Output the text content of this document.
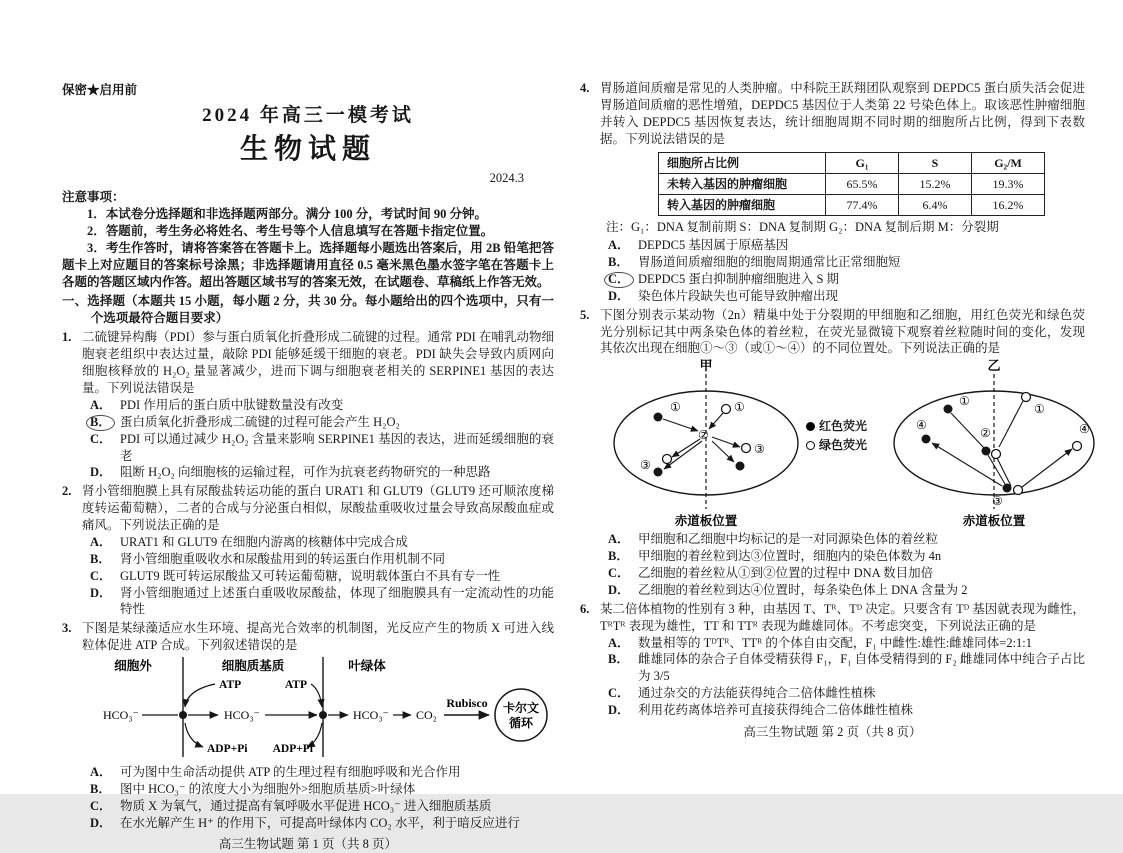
保密★启用前
2024 年高三一模考试
生物试题
2024.3
注意事项：
1．本试卷分选择题和非选择题两部分。满分 100 分，考试时间 90 分钟。
2．答题前，考生务必将姓名、考生号等个人信息填写在答题卡指定位置。
3．考生作答时，请将答案答在答题卡上。选择题每小题选出答案后，用 2B 铅笔把答题卡上对应题目的答案标号涂黑；非选择题请用直径 0.5 毫米黑色墨水签字笔在答题卡上各题的答题区域内作答。超出答题区域书写的答案无效，在试题卷、草稿纸上作答无效。
一、选择题（本题共 15 小题，每小题 2 分，共 30 分。每小题给出的四个选项中，只有一个选项最符合题目要求）
1. 二硫键异构酶（PDI）参与蛋白质氧化折叠形成二硫键的过程。通常 PDI 在哺乳动物细胞衰老组织中表达过量，敲除 PDI 能够延缓干细胞的衰老。PDI 缺失会导致内质网向细胞核释放的 H₂O₂ 量显著减少，进而下调与细胞衰老相关的 SERPINE1 基因的表达量。下列说法错误是
A． PDI 作用后的蛋白质中肽键数量没有改变
B． 蛋白质氧化折叠形成二硫键的过程可能会产生 H₂O₂
C． PDI 可以通过减少 H₂O₂ 含量来影响 SERPINE1 基因的表达，进而延缓细胞的衰老
D． 阻断 H₂O₂ 向细胞核的运输过程，可作为抗衰老药物研究的一种思路
2. 肾小管细胞膜上具有尿酸盐转运功能的蛋白 URAT1 和 GLUT9（GLUT9 还可顺浓度梯度转运葡萄糖），二者的合成与分泌蛋白相似，尿酸盐重吸收过量会导致高尿酸血症或痛风。下列说法正确的是
A． URAT1 和 GLUT9 在细胞内游离的核糖体中完成合成
B． 肾小管细胞重吸收水和尿酸盐用到的转运蛋白作用机制不同
C． GLUT9 既可转运尿酸盐又可转运葡萄糖，说明载体蛋白不具有专一性
D． 肾小管细胞通过上述蛋白重吸收尿酸盐，体现了细胞膜具有一定流动性的功能特性
3. 下图是某绿藻适应水生环境、提高光合效率的机制图，光反应产生的物质 X 可进入线粒体促进 ATP 合成。下列叙述错误的是
细胞外	细胞质基质	叶绿体
HCO₃⁻	HCO₃⁻	HCO₃⁻ CO₂
Rubisco 卡尔文
循环
ATP
ADP+Pi
ATP
ADP+Pi
A． 可为图中生命活动提供 ATP 的生理过程有细胞呼吸和光合作用
B． 图中 HCO₃⁻ 的浓度大小为细胞外>细胞质基质>叶绿体
C． 物质 X 为氧气，通过提高有氧呼吸水平促进 HCO₃⁻ 进入细胞质基质
D． 在水光解产生 H⁺ 的作用下，可提高叶绿体内 CO₂ 水平，利于暗反应进行
高三生物试题 第 1 页（共 8 页）
4. 胃肠道间质瘤是常见的人类肿瘤。中科院王跃翔团队观察到 DEPDC5 蛋白质失活会促进胃肠道间质瘤的恶性增殖，DEPDC5 基因位于人类第 22 号染色体上。取该恶性肿瘤细胞并转入 DEPDC5 基因恢复表达，统计细胞周期不同时期的细胞所占比例，得到下表数据。下列说法错误的是
细胞所占比例	G₁	S	G₂/M
未转入基因的肿瘤细胞	65.5%	15.2%	19.3%
转入基因的肿瘤细胞	77.4%	6.4%	16.2%
注：G₁：DNA 复制前期 S：DNA 复制期 G₂：DNA 复制后期 M：分裂期
A． DEPDC5 基因属于原癌基因
B． 胃肠道间质瘤细胞的细胞周期通常比正常细胞短
C． DEPDC5 蛋白抑制肿瘤细胞进入 S 期
D． 染色体片段缺失也可能导致肿瘤出现
5. 下图分别表示某动物（2n）精巢中处于分裂期的甲细胞和乙细胞，用红色荧光和绿色荧光分别标记其中两条染色体的着丝粒，在荧光显微镜下观察着丝粒随时间的变化，发现其依次出现在细胞①～③（或①～④）的不同位置处。下列说法正确的是
甲
①	①
②
③
③
赤道板位置
红色荧光
绿色荧光
乙
①
①
②
③
④	④
赤道板位置
A． 甲细胞和乙细胞中均标记的是一对同源染色体的着丝粒
B． 甲细胞的着丝粒到达③位置时，细胞内的染色体数为 4n
C． 乙细胞的着丝粒从①到②位置的过程中 DNA 数目加倍
D． 乙细胞的着丝粒到达④位置时，每条染色体上 DNA 含量为 2
6. 某二倍体植物的性别有 3 种，由基因 T、Tᴿ、Tᴰ 决定。只要含有 Tᴰ 基因就表现为雌性，TᴿTᴿ 表现为雄性，TT 和 TTᴿ 表现为雌雄同体。不考虑突变，下列说法正确的是
A． 数量相等的 TᴰTᴿ、TTᴿ 的个体自由交配，F₁ 中雌性:雄性:雌雄同体=2:1:1
B． 雌雄同体的杂合子自体受精获得 F₁，F₁ 自体受精得到的 F₂ 雌雄同体中纯合子占比为 3/5
C． 通过杂交的方法能获得纯合二倍体雌性植株
D． 利用花药离体培养可直接获得纯合二倍体雌性植株
高三生物试题 第 2 页（共 8 页）
